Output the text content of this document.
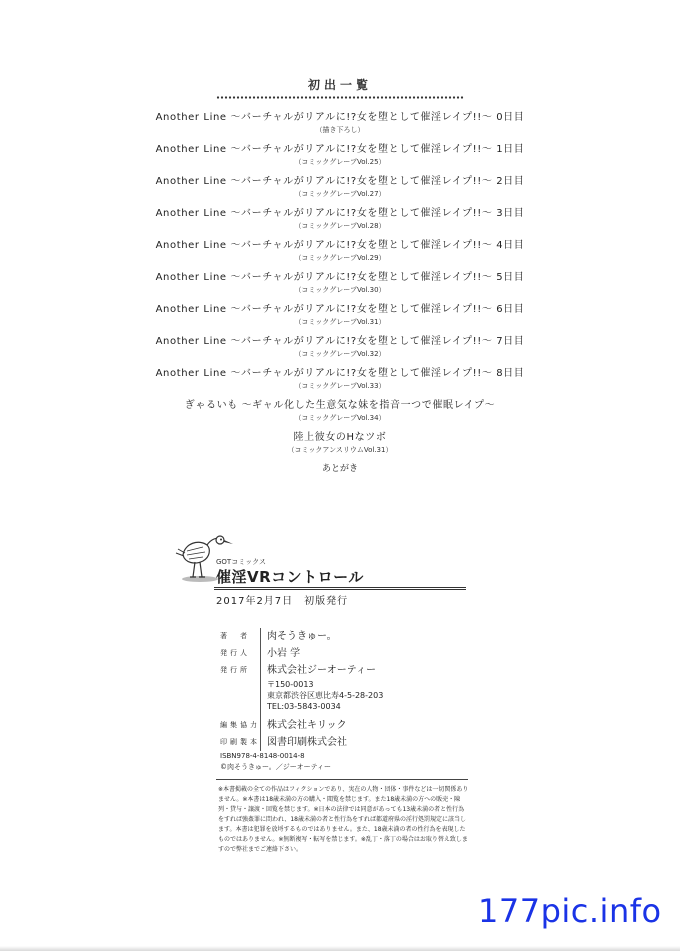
初出一覧
Another Line ～バーチャルがリアルに!?女を堕として催淫レイプ!!～ 0日目
（描き下ろし）
Another Line ～バーチャルがリアルに!?女を堕として催淫レイプ!!～ 1日目
（コミックグレープVol.25）
Another Line ～バーチャルがリアルに!?女を堕として催淫レイプ!!～ 2日目
（コミックグレープVol.27）
Another Line ～バーチャルがリアルに!?女を堕として催淫レイプ!!～ 3日目
（コミックグレープVol.28）
Another Line ～バーチャルがリアルに!?女を堕として催淫レイプ!!～ 4日目
（コミックグレープVol.29）
Another Line ～バーチャルがリアルに!?女を堕として催淫レイプ!!～ 5日目
（コミックグレープVol.30）
Another Line ～バーチャルがリアルに!?女を堕として催淫レイプ!!～ 6日目
（コミックグレープVol.31）
Another Line ～バーチャルがリアルに!?女を堕として催淫レイプ!!～ 7日目
（コミックグレープVol.32）
Another Line ～バーチャルがリアルに!?女を堕として催淫レイプ!!～ 8日目
（コミックグレープVol.33）
ぎゃるいも ～ギャル化した生意気な妹を指音一つで催眠レイプ～
（コミックグレープVol.34）
陸上彼女のHなツボ
（コミックアンスリウムVol.31）
あとがき
GOTコミックス
催淫VRコントロール
2017年2月7日　初版発行
著　者	肉そうきゅー。
発行人	小岩 学
発行所	株式会社ジーオーティー
〒150-0013
東京都渋谷区恵比寿4-5-28-203
TEL:03-5843-0034
編集協力 株式会社キリック
印刷製本 図書印刷株式会社
ISBN978-4-8148-0014-8
©肉そうきゅー。／ジーオーティー
※本書掲載の全ての作品はフィクションであり、実在の人物・団体・事件などは一切関係ありません。※本書は18歳未満の方の購入・閲覧を禁じます。また18歳未満の方への販売・陳列・貸与・譲渡・回覧を禁じます。※日本の法律では同意があっても13歳未満の者と性行為をすれば強姦罪に問われ、18歳未満の者と性行為をすれば都道府県の淫行処罰規定に該当します。本書は犯罪を放埒するものではありません。また、18歳未満の者の性行為を表現したものではありません。※無断複写・転写を禁じます。※乱丁・落丁の場合はお取り替え致しますので弊社までご連絡下さい。
177pic.info
